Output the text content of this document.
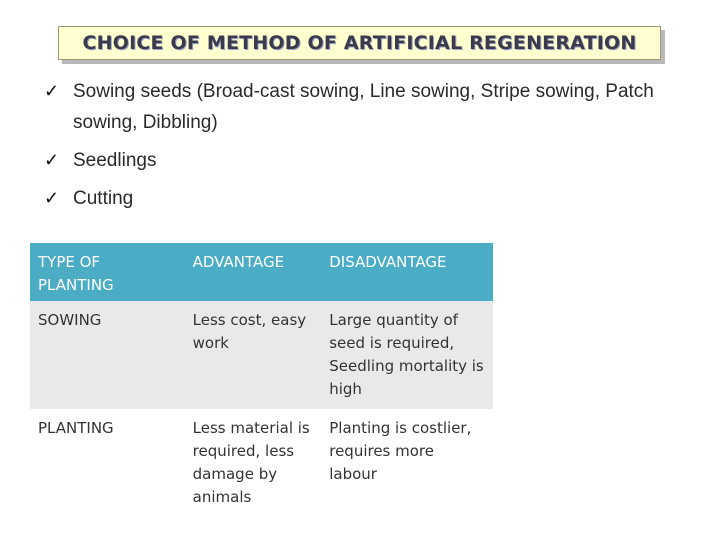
CHOICE OF METHOD OF ARTIFICIAL REGENERATION
✓ Sowing seeds (Broad-cast sowing, Line sowing, Stripe sowing, Patch sowing, Dibbling)
✓ Seedlings
✓ Cutting
TYPE OF PLANTING	ADVANTAGE	DISADVANTAGE
SOWING	Less cost, easy work	Large quantity of seed is required, Seedling mortality is high
PLANTING	Less material is required, less damage by animals	Planting is costlier, requires more labour
